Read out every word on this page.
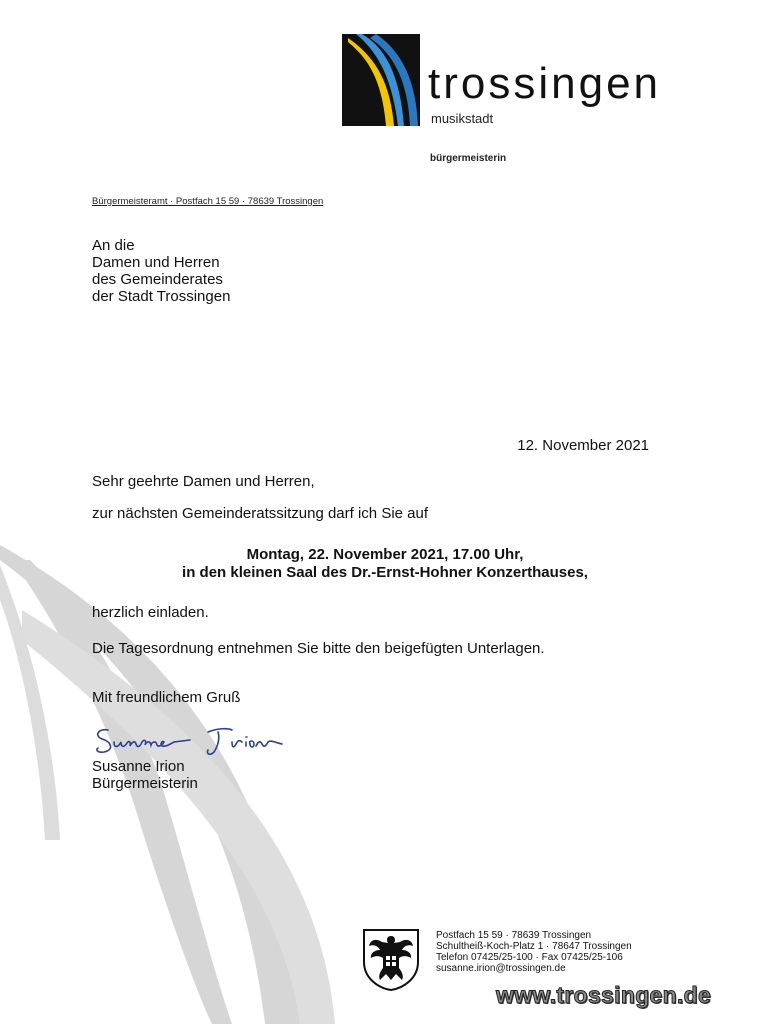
trossingen
musikstadt
bürgermeisterin
Bürgermeisteramt · Postfach 15 59 · 78639 Trossingen
An die
Damen und Herren
des Gemeinderates
der Stadt Trossingen
12. November 2021
Sehr geehrte Damen und Herren,
zur nächsten Gemeinderatssitzung darf ich Sie auf
Montag, 22. November 2021, 17.00 Uhr,
in den kleinen Saal des Dr.-Ernst-Hohner Konzerthauses,
herzlich einladen.
Die Tagesordnung entnehmen Sie bitte den beigefügten Unterlagen.
Mit freundlichem Gruß
Susanne Irion
Bürgermeisterin
Postfach 15 59 · 78639 Trossingen
Schultheiß-Koch-Platz 1 · 78647 Trossingen
Telefon 07425/25-100 · Fax 07425/25-106
susanne.irion@trossingen.de
www.trossingen.de
